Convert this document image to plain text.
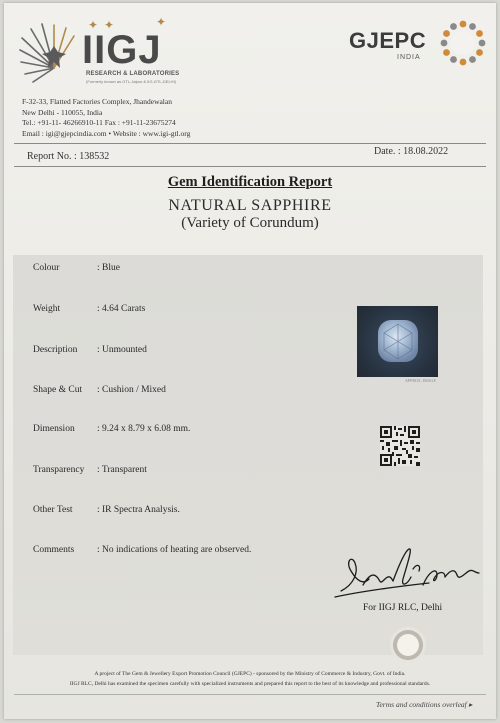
IIGJ
✦ ✦	✦
RESEARCH & LABORATORIES
(Formerly known as GTL-Jaipur & IIG-GTL-DELHI)
GJEPC
INDIA
F-32-33, Flatted Factories Complex, Jhandewalan
New Delhi - 110055, India
Tel.: +91-11- 46266910-11 Fax : +91-11-23675274
Email : igi@gjepcindia.com • Website : www.igi-gtl.org
Report No. : 138532	Date. : 18.08.2022
Gem Identification Report
NATURAL SAPPHIRE
(Variety of Corundum)
Colour	: Blue
Weight	: 4.64 Carats
Description : Unmounted
Shape & Cut : Cushion / Mixed
Dimension : 9.24 x 8.79 x 6.08 mm.
Transparency : Transparent
Other Test	: IR Spectra Analysis.
Comments : No indications of heating are observed.
APPROX. IMAGE
For IIGJ RLC, Delhi
A project of The Gem & Jewellery Export Promotion Council (GJEPC) - sponsored by the Ministry of Commerce & Industry, Govt. of India.
IIGJ RLC, Delhi has examined the specimen carefully with specialized instruments and prepared this report to the best of its knowledge and professional standards.
Terms and conditions overleaf ▸
